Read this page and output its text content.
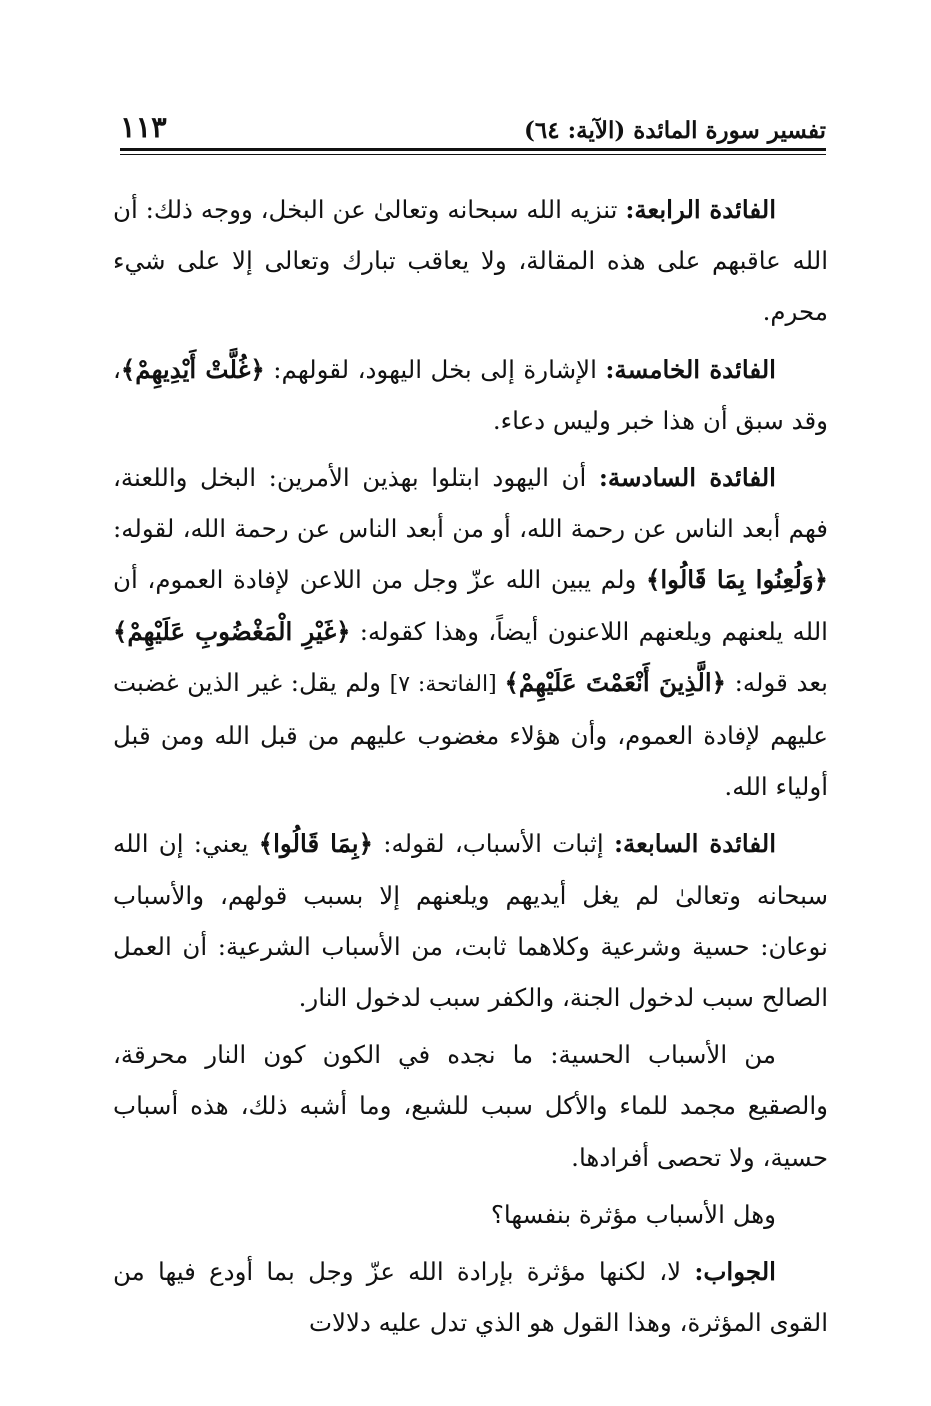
تفسير سورة المائدة (الآية: ٦٤)
١١٣

الفائدة الرابعة: تنزيه الله سبحانه وتعالىٰ عن البخل، ووجه ذلك: أن الله عاقبهم على هذه المقالة، ولا يعاقب تبارك وتعالى إلا على شيء محرم.

الفائدة الخامسة: الإشارة إلى بخل اليهود، لقولهم: ﴿غُلَّتْ أَيْدِيهِمْ﴾، وقد سبق أن هذا خبر وليس دعاء.

الفائدة السادسة: أن اليهود ابتلوا بهذين الأمرين: البخل واللعنة، فهم أبعد الناس عن رحمة الله، أو من أبعد الناس عن رحمة الله، لقوله: ﴿وَلُعِنُوا بِمَا قَالُوا﴾ ولم يبين الله عزّ وجل من اللاعن لإفادة العموم، أن الله يلعنهم ويلعنهم اللاعنون أيضاً، وهذا كقوله: ﴿غَيْرِ الْمَغْضُوبِ عَلَيْهِمْ﴾ بعد قوله: ﴿الَّذِينَ أَنْعَمْتَ عَلَيْهِمْ﴾ [الفاتحة: ٧] ولم يقل: غير الذين غضبت عليهم لإفادة العموم، وأن هؤلاء مغضوب عليهم من قبل الله ومن قبل أولياء الله.

الفائدة السابعة: إثبات الأسباب، لقوله: ﴿بِمَا قَالُوا﴾ يعني: إن الله سبحانه وتعالىٰ لم يغل أيديهم ويلعنهم إلا بسبب قولهم، والأسباب نوعان: حسية وشرعية وكلاهما ثابت، من الأسباب الشرعية: أن العمل الصالح سبب لدخول الجنة، والكفر سبب لدخول النار.

من الأسباب الحسية: ما نجده في الكون كون النار محرقة، والصقيع مجمد للماء والأكل سبب للشبع، وما أشبه ذلك، هذه أسباب حسية، ولا تحصى أفرادها.

وهل الأسباب مؤثرة بنفسها؟

الجواب: لا، لكنها مؤثرة بإرادة الله عزّ وجل بما أودع فيها من القوى المؤثرة، وهذا القول هو الذي تدل عليه دلالات
